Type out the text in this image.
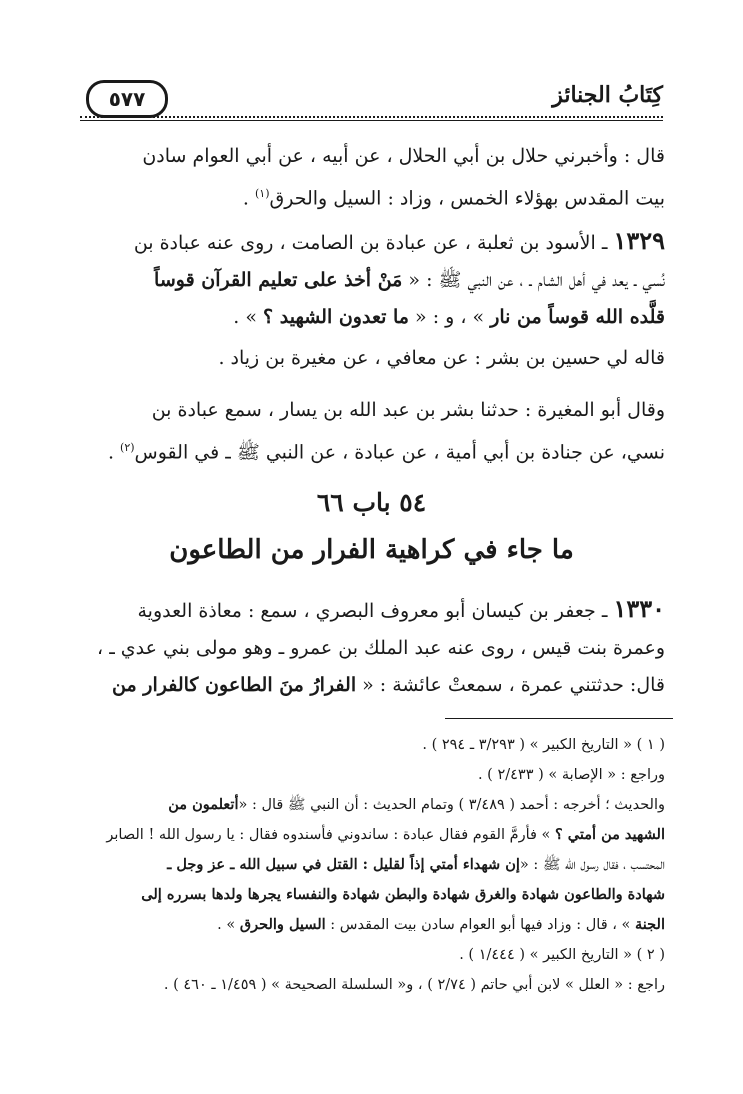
٥٧٧	كِتَابُ الجنائز

قال : وأخبرني حلال بن أبي الحلال ، عن أبيه ، عن أبي العوام سادن

بيت المقدس بهؤلاء الخمس ، وزاد : السيل والحرق$^{(١)}$ .

١٣٢٩ ـ الأسود بن ثعلبة ، عن عبادة بن الصامت ، روى عنه عبادة بن

نُسي ـ يعد في أهل الشام ـ ، عن النبي ﷺ : « مَنْ أخذ على تعليم القرآن قوساً

قلَّده الله قوساً من نار » ، و : « ما تعدون الشهيد ؟ » .

قاله لي حسين بن بشر : عن معافي ، عن مغيرة بن زياد .

وقال أبو المغيرة : حدثنا بشر بن عبد الله بن يسار ، سمع عبادة بن

نسي، عن جنادة بن أبي أمية ، عن عبادة ، عن النبي ﷺ ـ في القوس$^{(٢)}$ .

٥٤ باب ٦٦
ما جاء في كراهية الفرار من الطاعون

١٣٣٠ ـ جعفر بن كيسان أبو معروف البصري ، سمع : معاذة العدوية

وعمرة بنت قيس ، روى عنه عبد الملك بن عمرو ـ وهو مولى بني عدي ـ ،

قال: حدثتني عمرة ، سمعتْ عائشة : « الفرارُ منَ الطاعون كالفرار من

( ١ ) « التاريخ الكبير » ( ٣/٢٩٣ ـ ٢٩٤ ) .

وراجع : « الإصابة » ( ٢/٤٣٣ ) .

والحديث ؛ أخرجه : أحمد ( ٣/٤٨٩ ) وتمام الحديث : أن النبي ﷺ قال : «أتعلمون من

الشهيد من أمتي ؟ » فأرمَّ القوم فقال عبادة : ساندوني فأسندوه فقال : يا رسول الله ! الصابر

المحتسب ، فقال رسول الله ﷺ : «إن شهداء أمتي إذاً لقليل : القتل في سبيل الله ـ عز وجل ـ

شهادة والطاعون شهادة والغرق شهادة والبطن شهادة والنفساء يجرها ولدها بسرره إلى

الجنة » ، قال : وزاد فيها أبو العوام سادن بيت المقدس : السيل والحرق » .

( ٢ ) « التاريخ الكبير » ( ١/٤٤٤ ) .

راجع : « العلل » لابن أبي حاتم ( ٢/٧٤ ) ، و« السلسلة الصحيحة » ( ١/٤٥٩ ـ ٤٦٠ ) .
